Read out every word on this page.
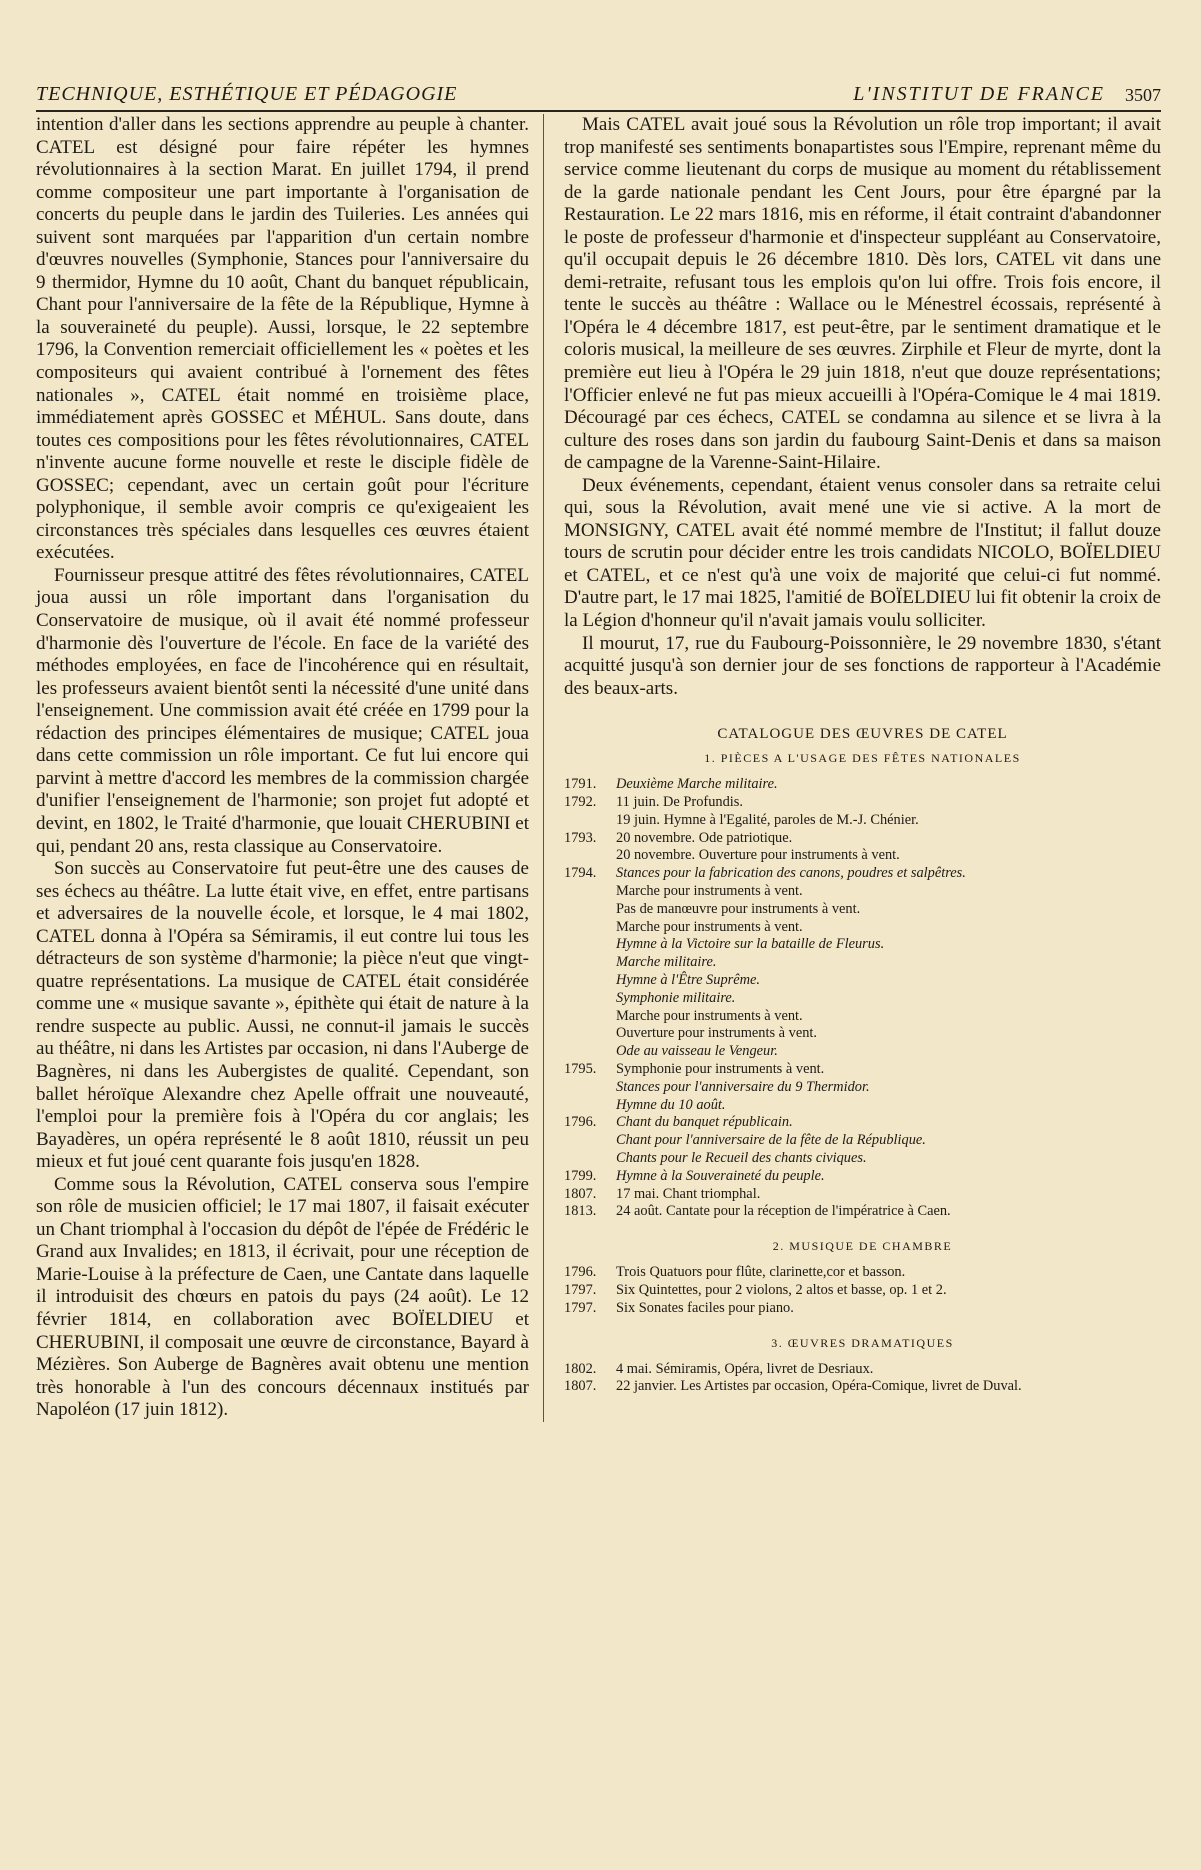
TECHNIQUE, ESTHÉTIQUE ET PÉDAGOGIE	L'INSTITUT DE FRANCE 3507

intention d'aller dans les sections apprendre au peuple à chanter. CATEL est désigné pour faire répéter les hymnes révolutionnaires à la section Marat. En juillet 1794, il prend comme compositeur une part importante à l'organisation de concerts du peuple dans le jardin des Tuileries. Les années qui suivent sont marquées par l'apparition d'un certain nombre d'œuvres nouvelles (Symphonie, Stances pour l'anniversaire du 9 thermidor, Hymne du 10 août, Chant du banquet républicain, Chant pour l'anniversaire de la fête de la République, Hymne à la souveraineté du peuple). Aussi, lorsque, le 22 septembre 1796, la Convention remerciait officiellement les « poètes et les compositeurs qui avaient contribué à l'ornement des fêtes nationales », CATEL était nommé en troisième place, immédiatement après GOSSEC et MÉHUL. Sans doute, dans toutes ces compositions pour les fêtes révolutionnaires, CATEL n'invente aucune forme nouvelle et reste le disciple fidèle de GOSSEC; cependant, avec un certain goût pour l'écriture polyphonique, il semble avoir compris ce qu'exigeaient les circonstances très spéciales dans lesquelles ces œuvres étaient exécutées.

Fournisseur presque attitré des fêtes révolutionnaires, CATEL joua aussi un rôle important dans l'organisation du Conservatoire de musique, où il avait été nommé professeur d'harmonie dès l'ouverture de l'école. En face de la variété des méthodes employées, en face de l'incohérence qui en résultait, les professeurs avaient bientôt senti la nécessité d'une unité dans l'enseignement. Une commission avait été créée en 1799 pour la rédaction des principes élémentaires de musique; CATEL joua dans cette commission un rôle important. Ce fut lui encore qui parvint à mettre d'accord les membres de la commission chargée d'unifier l'enseignement de l'harmonie; son projet fut adopté et devint, en 1802, le Traité d'harmonie, que louait CHERUBINI et qui, pendant 20 ans, resta classique au Conservatoire.

Son succès au Conservatoire fut peut-être une des causes de ses échecs au théâtre. La lutte était vive, en effet, entre partisans et adversaires de la nouvelle école, et lorsque, le 4 mai 1802, CATEL donna à l'Opéra sa Sémiramis, il eut contre lui tous les détracteurs de son système d'harmonie; la pièce n'eut que vingt-quatre représentations. La musique de CATEL était considérée comme une « musique savante », épithète qui était de nature à la rendre suspecte au public. Aussi, ne connut-il jamais le succès au théâtre, ni dans les Artistes par occasion, ni dans l'Auberge de Bagnères, ni dans les Aubergistes de qualité. Cependant, son ballet héroïque Alexandre chez Apelle offrait une nouveauté, l'emploi pour la première fois à l'Opéra du cor anglais; les Bayadères, un opéra représenté le 8 août 1810, réussit un peu mieux et fut joué cent quarante fois jusqu'en 1828.

Comme sous la Révolution, CATEL conserva sous l'empire son rôle de musicien officiel; le 17 mai 1807, il faisait exécuter un Chant triomphal à l'occasion du dépôt de l'épée de Frédéric le Grand aux Invalides; en 1813, il écrivait, pour une réception de Marie-Louise à la préfecture de Caen, une Cantate dans laquelle il introduisit des chœurs en patois du pays (24 août). Le 12 février 1814, en collaboration avec BOÏELDIEU et CHERUBINI, il composait une œuvre de circonstance, Bayard à Mézières. Son Auberge de Bagnères avait obtenu une mention très honorable à l'un des concours décennaux institués par Napoléon (17 juin 1812).

Mais CATEL avait joué sous la Révolution un rôle trop important; il avait trop manifesté ses sentiments bonapartistes sous l'Empire, reprenant même du service comme lieutenant du corps de musique au moment du rétablissement de la garde nationale pendant les Cent Jours, pour être épargné par la Restauration. Le 22 mars 1816, mis en réforme, il était contraint d'abandonner le poste de professeur d'harmonie et d'inspecteur suppléant au Conservatoire, qu'il occupait depuis le 26 décembre 1810. Dès lors, CATEL vit dans une demi-retraite, refusant tous les emplois qu'on lui offre. Trois fois encore, il tente le succès au théâtre : Wallace ou le Ménestrel écossais, représenté à l'Opéra le 4 décembre 1817, est peut-être, par le sentiment dramatique et le coloris musical, la meilleure de ses œuvres. Zirphile et Fleur de myrte, dont la première eut lieu à l'Opéra le 29 juin 1818, n'eut que douze représentations; l'Officier enlevé ne fut pas mieux accueilli à l'Opéra-Comique le 4 mai 1819. Découragé par ces échecs, CATEL se condamna au silence et se livra à la culture des roses dans son jardin du faubourg Saint-Denis et dans sa maison de campagne de la Varenne-Saint-Hilaire.

Deux événements, cependant, étaient venus consoler dans sa retraite celui qui, sous la Révolution, avait mené une vie si active. A la mort de MONSIGNY, CATEL avait été nommé membre de l'Institut; il fallut douze tours de scrutin pour décider entre les trois candidats NICOLO, BOÏELDIEU et CATEL, et ce n'est qu'à une voix de majorité que celui-ci fut nommé. D'autre part, le 17 mai 1825, l'amitié de BOÏELDIEU lui fit obtenir la croix de la Légion d'honneur qu'il n'avait jamais voulu solliciter.

Il mourut, 17, rue du Faubourg-Poissonnière, le 29 novembre 1830, s'étant acquitté jusqu'à son dernier jour de ses fonctions de rapporteur à l'Académie des beaux-arts.

CATALOGUE DES ŒUVRES DE CATEL
1. PIÈCES A L'USAGE DES FÊTES NATIONALES
1791.	Deuxième Marche militaire.
1792.	11 juin. De Profundis.
19 juin. Hymne à l'Egalité, paroles de M.-J. Chénier.
1793.	20 novembre. Ode patriotique.
20 novembre. Ouverture pour instruments à vent.
1794.	Stances pour la fabrication des canons, poudres et salpêtres.
Marche pour instruments à vent.
Pas de manœuvre pour instruments à vent.
Marche pour instruments à vent.
Hymne à la Victoire sur la bataille de Fleurus.
Marche militaire.
Hymne à l'Être Suprême.
Symphonie militaire.
Marche pour instruments à vent.
Ouverture pour instruments à vent.
Ode au vaisseau le Vengeur.
1795.	Symphonie pour instruments à vent.
Stances pour l'anniversaire du 9 Thermidor.
Hymne du 10 août.
1796.	Chant du banquet républicain.
Chant pour l'anniversaire de la fête de la République.
Chants pour le Recueil des chants civiques.
1799.	Hymne à la Souveraineté du peuple.
1807.	17 mai. Chant triomphal.
1813.	24 août. Cantate pour la réception de l'impératrice à Caen.
2. MUSIQUE DE CHAMBRE
1796.	Trois Quatuors pour flûte, clarinette,cor et basson.
1797.	Six Quintettes, pour 2 violons, 2 altos et basse, op. 1 et 2.
1797.	Six Sonates faciles pour piano.
3. ŒUVRES DRAMATIQUES
1802.	4 mai. Sémiramis, Opéra, livret de Desriaux.
1807.	22 janvier. Les Artistes par occasion, Opéra-Comique, livret de Duval.
